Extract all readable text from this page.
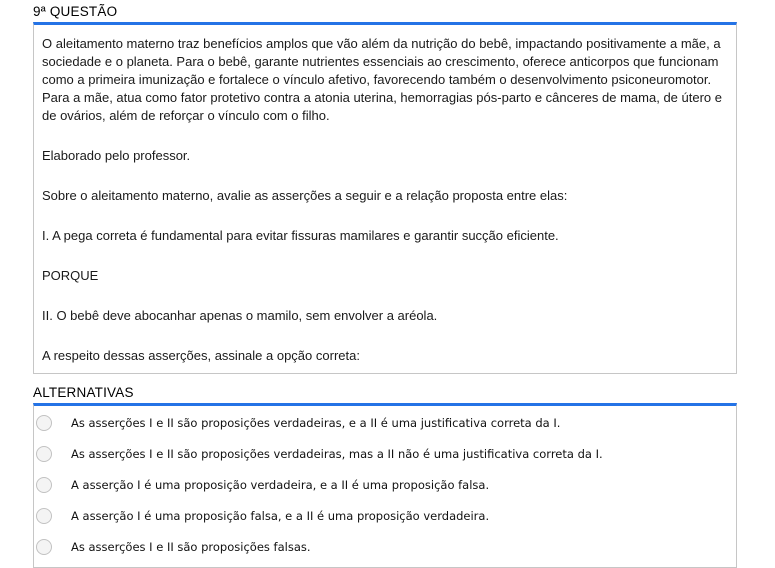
9ª QUESTÃO

O aleitamento materno traz benefícios amplos que vão além da nutrição do bebê, impactando positivamente a mãe, a sociedade e o planeta. Para o bebê, garante nutrientes essenciais ao crescimento, oferece anticorpos que funcionam como a primeira imunização e fortalece o vínculo afetivo, favorecendo também o desenvolvimento psiconeuromotor. Para a mãe, atua como fator protetivo contra a atonia uterina, hemorragias pós-parto e cânceres de mama, de útero e de ovários, além de reforçar o vínculo com o filho.

Elaborado pelo professor.

Sobre o aleitamento materno, avalie as asserções a seguir e a relação proposta entre elas:

I. A pega correta é fundamental para evitar fissuras mamilares e garantir sucção eficiente.

PORQUE

II. O bebê deve abocanhar apenas o mamilo, sem envolver a aréola.

A respeito dessas asserções, assinale a opção correta:

ALTERNATIVAS
As asserções I e II são proposições verdadeiras, e a II é uma justificativa correta da I.
As asserções I e II são proposições verdadeiras, mas a II não é uma justificativa correta da I.
A asserção I é uma proposição verdadeira, e a II é uma proposição falsa.
A asserção I é uma proposição falsa, e a II é uma proposição verdadeira.
As asserções I e II são proposições falsas.
